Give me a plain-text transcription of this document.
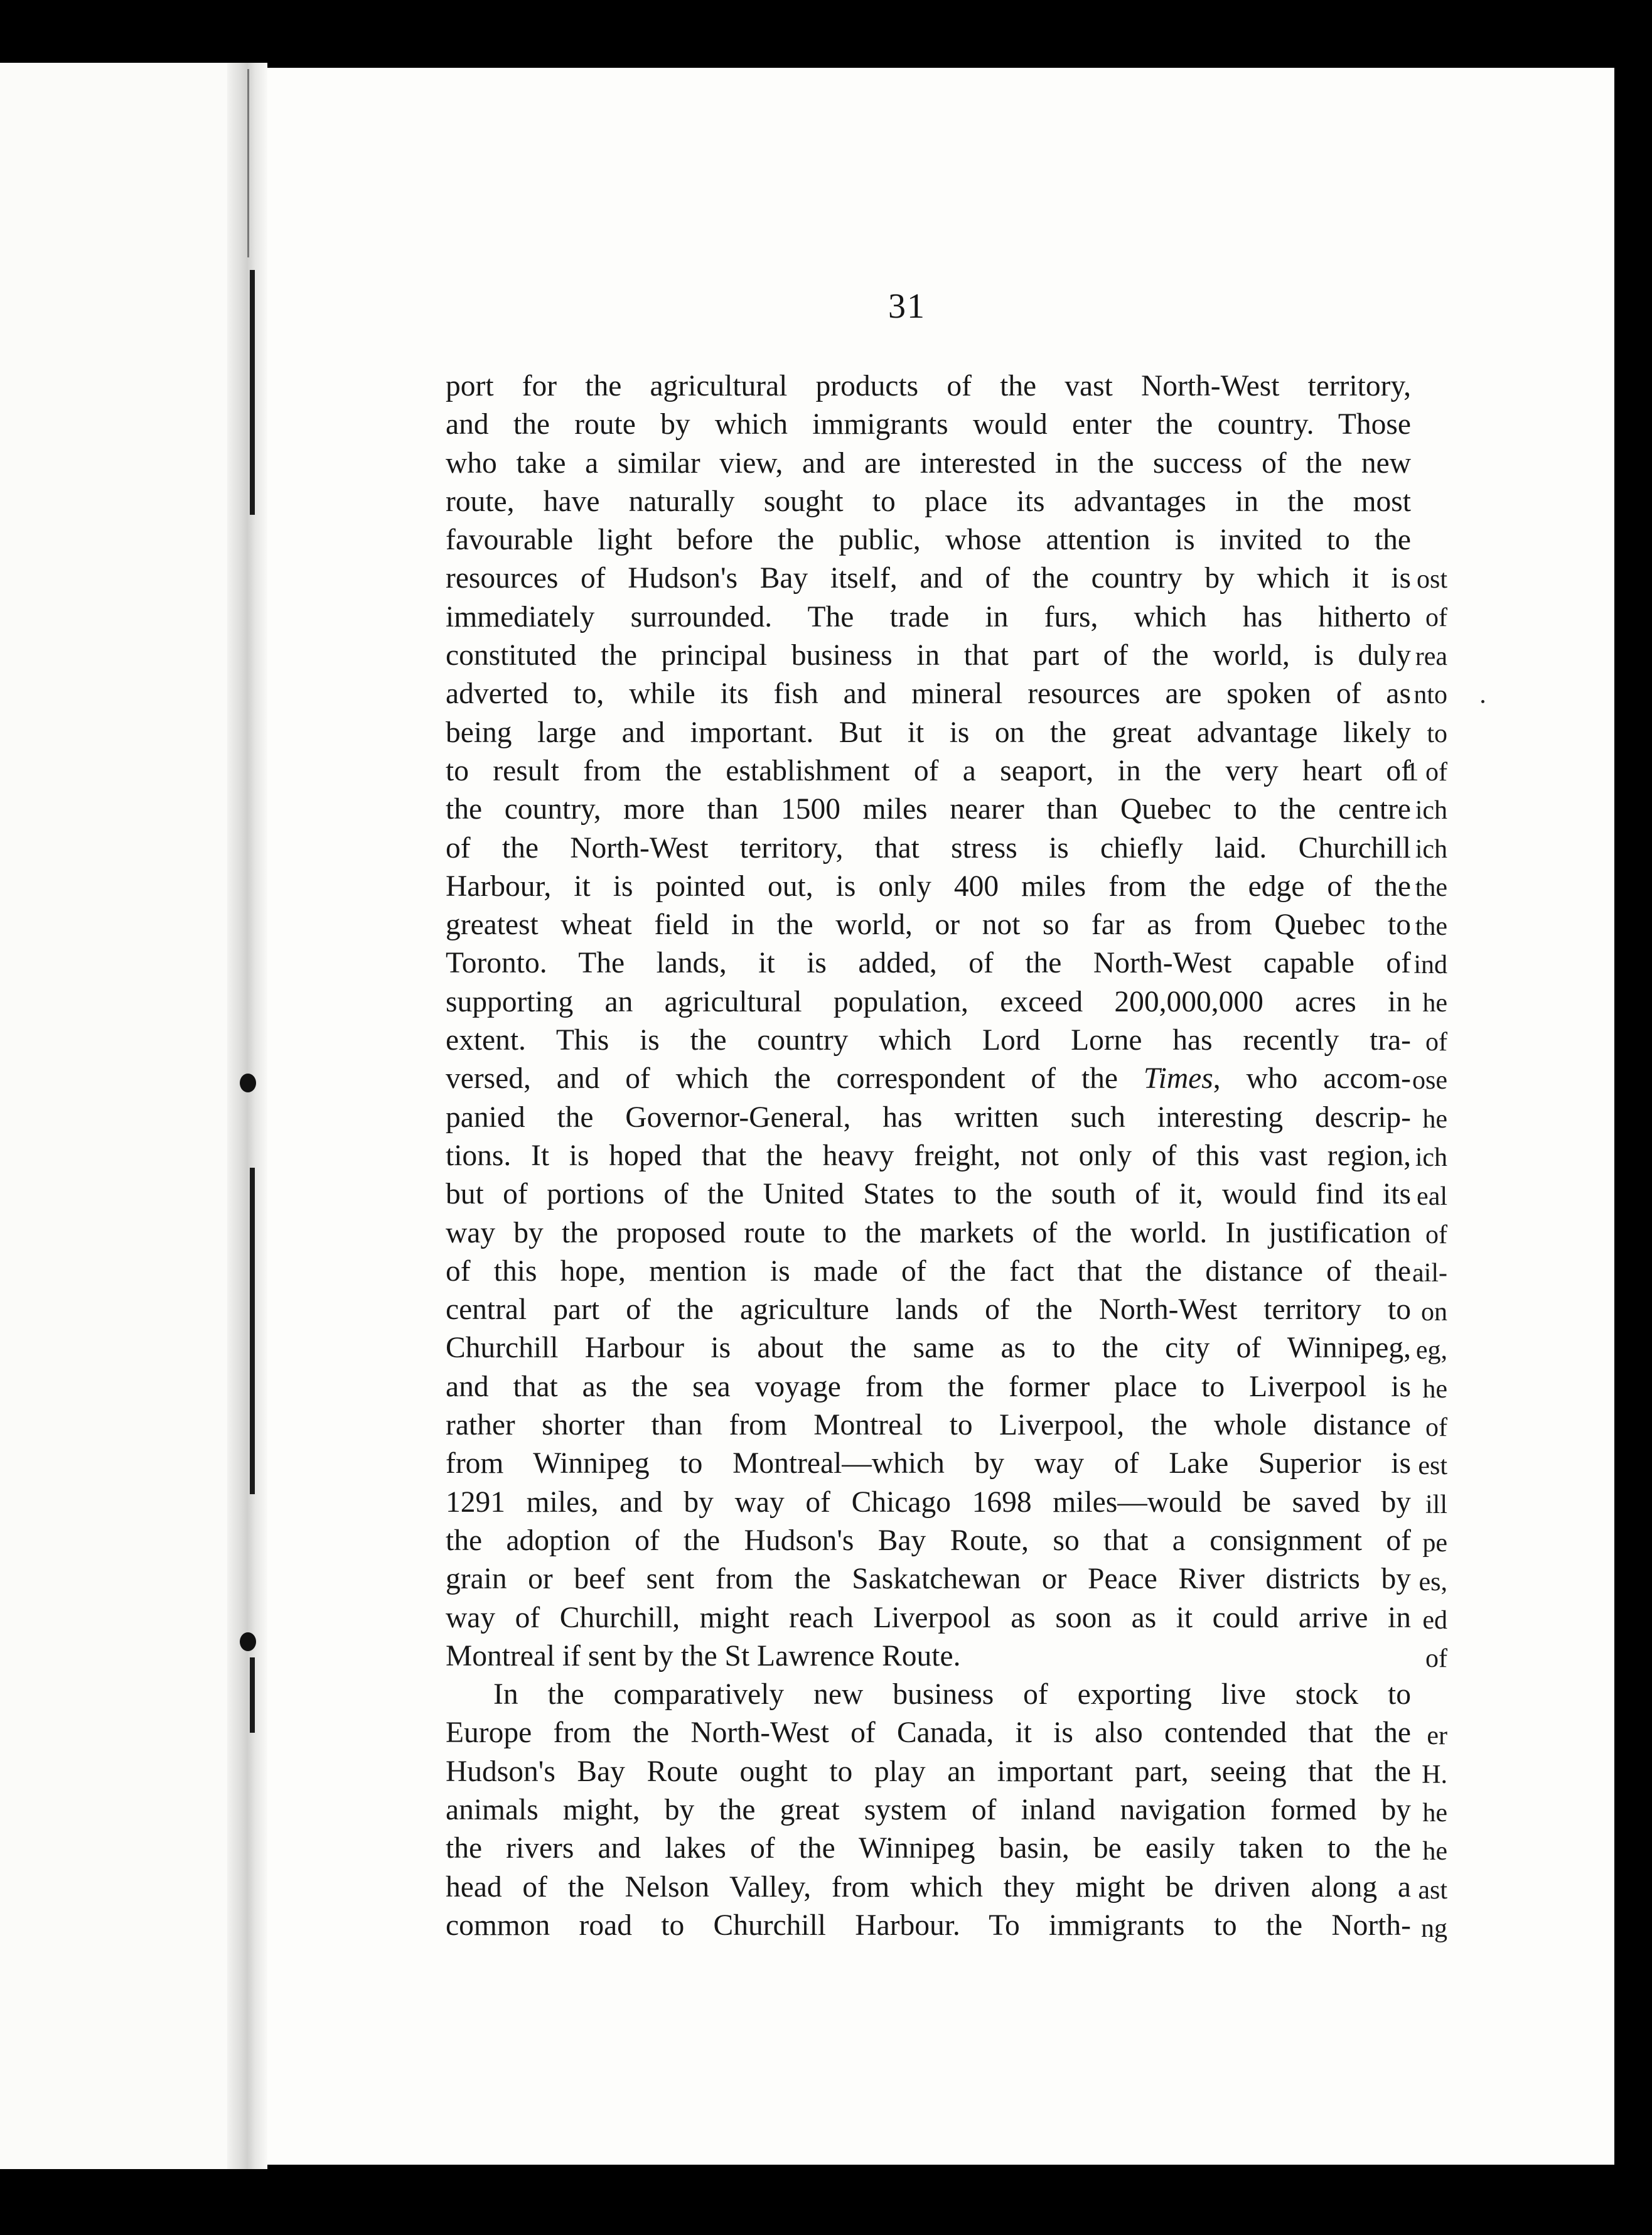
ost
of
rea
nto
to
1 of
ich
ich
the
the
ind
he
of
ose
he
ich
eal
of
ail-
on
eg,
he
of
est
ill
pe
es,
ed
of
er
H.
he
he
ast
ng
31
port for the agricultural products of the vast North-West territory,
and the route by which immigrants would enter the country. Those
who take a similar view, and are interested in the success of the new
route, have naturally sought to place its advantages in the most
favourable light before the public, whose attention is invited to the
resources of Hudson's Bay itself, and of the country by which it is
immediately surrounded. The trade in furs, which has hitherto
constituted the principal business in that part of the world, is duly
adverted to, while its fish and mineral resources are spoken of as
being large and important. But it is on the great advantage likely
to result from the establishment of a seaport, in the very heart of
the country, more than 1500 miles nearer than Quebec to the centre
of the North-West territory, that stress is chiefly laid. Churchill
Harbour, it is pointed out, is only 400 miles from the edge of the
greatest wheat field in the world, or not so far as from Quebec to
Toronto. The lands, it is added, of the North-West capable of
supporting an agricultural population, exceed 200,000,000 acres in
extent. This is the country which Lord Lorne has recently tra-
versed, and of which the correspondent of the Times, who accom-
panied the Governor-General, has written such interesting descrip-
tions. It is hoped that the heavy freight, not only of this vast region,
but of portions of the United States to the south of it, would find its
way by the proposed route to the markets of the world. In justification
of this hope, mention is made of the fact that the distance of the
central part of the agriculture lands of the North-West territory to
Churchill Harbour is about the same as to the city of Winnipeg,
and that as the sea voyage from the former place to Liverpool is
rather shorter than from Montreal to Liverpool, the whole distance
from Winnipeg to Montreal—which by way of Lake Superior is
1291 miles, and by way of Chicago 1698 miles—would be saved by
the adoption of the Hudson's Bay Route, so that a consignment of
grain or beef sent from the Saskatchewan or Peace River districts by
way of Churchill, might reach Liverpool as soon as it could arrive in
Montreal if sent by the St Lawrence Route.
In the comparatively new business of exporting live stock to
Europe from the North-West of Canada, it is also contended that the
Hudson's Bay Route ought to play an important part, seeing that the
animals might, by the great system of inland navigation formed by
the rivers and lakes of the Winnipeg basin, be easily taken to the
head of the Nelson Valley, from which they might be driven along a
common road to Churchill Harbour. To immigrants to the North-
